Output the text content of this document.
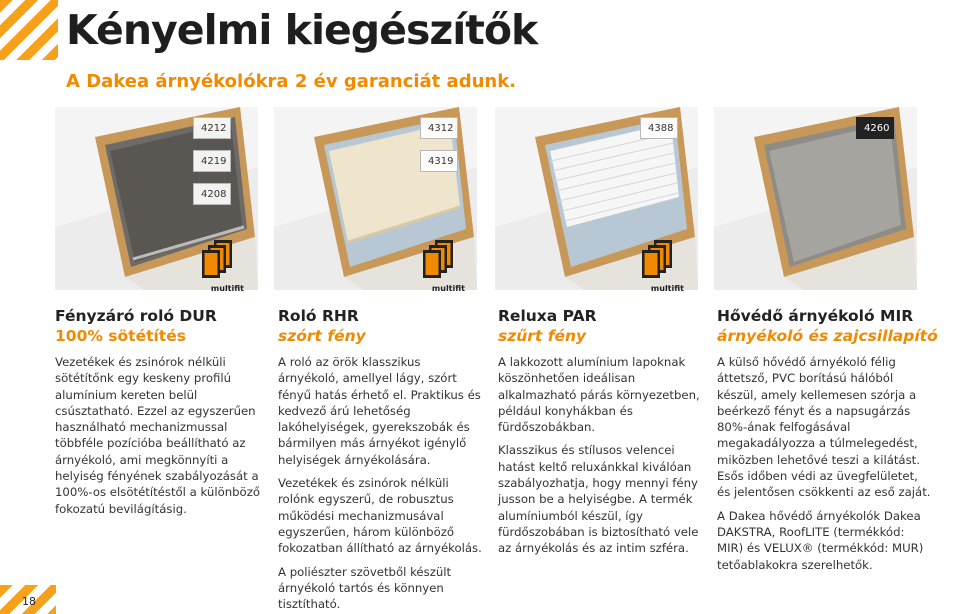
Kényelmi kiegészítők
A Dakea árnyékolókra 2 év garanciát adunk.
4212
4219
4208
4312
4319
4388	4260
multifit	multifit	multifit
Fényzáró roló DUR
100% sötétítés
Roló RHR
szórt fény
Reluxa PAR
szűrt fény
Hővédő árnyékoló MIR
árnyékoló és zajcsillapító

Vezetékek és zsinórok nélküli sötétítőnk egy keskeny profilú alumínium kereten belül csúsztatható. Ezzel az egyszerűen használható mechanizmussal többféle pozícióba beállítható az árnyékoló, ami megkönnyíti a helyiség fényének szabályozását a 100%-os elsötétítéstől a különböző fokozatú bevilágításig.

A roló az örök klasszikus árnyékoló, amellyel lágy, szórt fényű hatás érhető el. Praktikus és kedvező árú lehetőség lakóhelyiségek, gyerekszobák és bármilyen más árnyékot igénylő helyiségek árnyékolására.

Vezetékek és zsinórok nélküli rolónk egyszerű, de robusztus működési mechanizmusával egyszerűen, három különböző fokozatban állítható az árnyékolás.

A poliészter szövetből készült árnyékoló tartós és könnyen tisztítható.

A lakkozott alumínium lapoknak köszönhetően ideálisan alkalmazható párás környezetben, például konyhákban és fürdőszobákban.

Klasszikus és stílusos velencei hatást keltő reluxánkkal kiválóan szabályozhatja, hogy mennyi fény jusson be a helyiségbe. A termék alumíniumból készül, így fürdőszobában is biztosítható vele az árnyékolás és az intim szféra.

A külső hővédő árnyékoló félig áttetsző, PVC borítású hálóból készül, amely kellemesen szórja a beérkező fényt és a napsugárzás 80%-ának felfogásával megakadályozza a túlmelegedést, miközben lehetővé teszi a kilátást. Esős időben védi az üvegfelületet, és jelentősen csökkenti az eső zaját.

A Dakea hővédő árnyékolók Dakea DAKSTRA, RoofLITE (termékkód: MIR) és VELUX® (termékkód: MUR) tetőablakokra szerelhetők.

18
